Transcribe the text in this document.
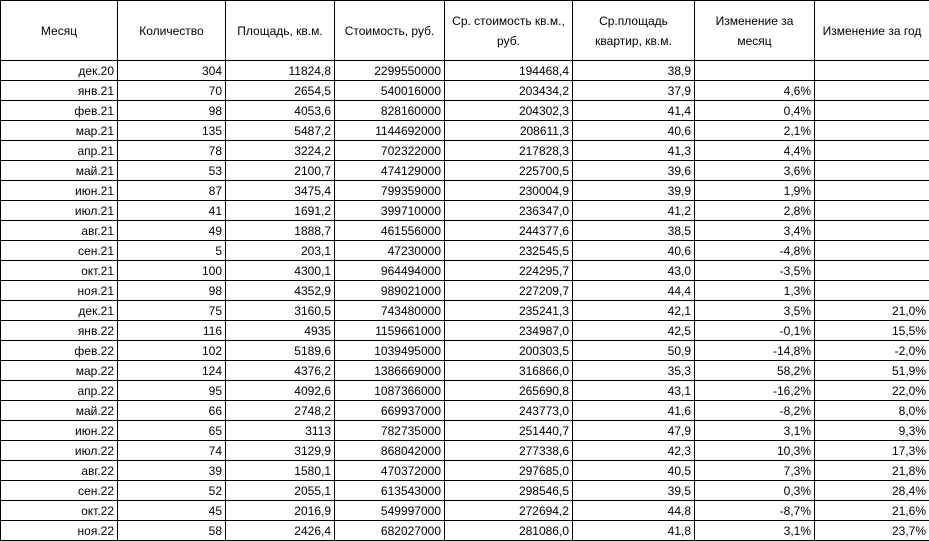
Месяц	Количество	Площадь, кв.м.	Стоимость, руб.	Ср. стоимость кв.м., руб.	Ср.площадь квартир, кв.м.	Изменение за месяц	Изменение за год
дек.20	304	11824,8	2299550000	194468,4	38,9		
янв.21	70	2654,5	540016000	203434,2	37,9	4,6%	
фев.21	98	4053,6	828160000	204302,3	41,4	0,4%	
мар.21	135	5487,2	1144692000	208611,3	40,6	2,1%	
апр.21	78	3224,2	702322000	217828,3	41,3	4,4%	
май.21	53	2100,7	474129000	225700,5	39,6	3,6%	
июн.21	87	3475,4	799359000	230004,9	39,9	1,9%	
июл.21	41	1691,2	399710000	236347,0	41,2	2,8%	
авг.21	49	1888,7	461556000	244377,6	38,5	3,4%	
сен.21	5	203,1	47230000	232545,5	40,6	-4,8%	
окт.21	100	4300,1	964494000	224295,7	43,0	-3,5%	
ноя.21	98	4352,9	989021000	227209,7	44,4	1,3%	
дек.21	75	3160,5	743480000	235241,3	42,1	3,5%	21,0%
янв.22	116	4935	1159661000	234987,0	42,5	-0,1%	15,5%
фев.22	102	5189,6	1039495000	200303,5	50,9	-14,8%	-2,0%
мар.22	124	4376,2	1386669000	316866,0	35,3	58,2%	51,9%
апр.22	95	4092,6	1087366000	265690,8	43,1	-16,2%	22,0%
май.22	66	2748,2	669937000	243773,0	41,6	-8,2%	8,0%
июн.22	65	3113	782735000	251440,7	47,9	3,1%	9,3%
июл.22	74	3129,9	868042000	277338,6	42,3	10,3%	17,3%
авг.22	39	1580,1	470372000	297685,0	40,5	7,3%	21,8%
сен.22	52	2055,1	613543000	298546,5	39,5	0,3%	28,4%
окт.22	45	2016,9	549997000	272694,2	44,8	-8,7%	21,6%
ноя.22	58	2426,4	682027000	281086,0	41,8	3,1%	23,7%
